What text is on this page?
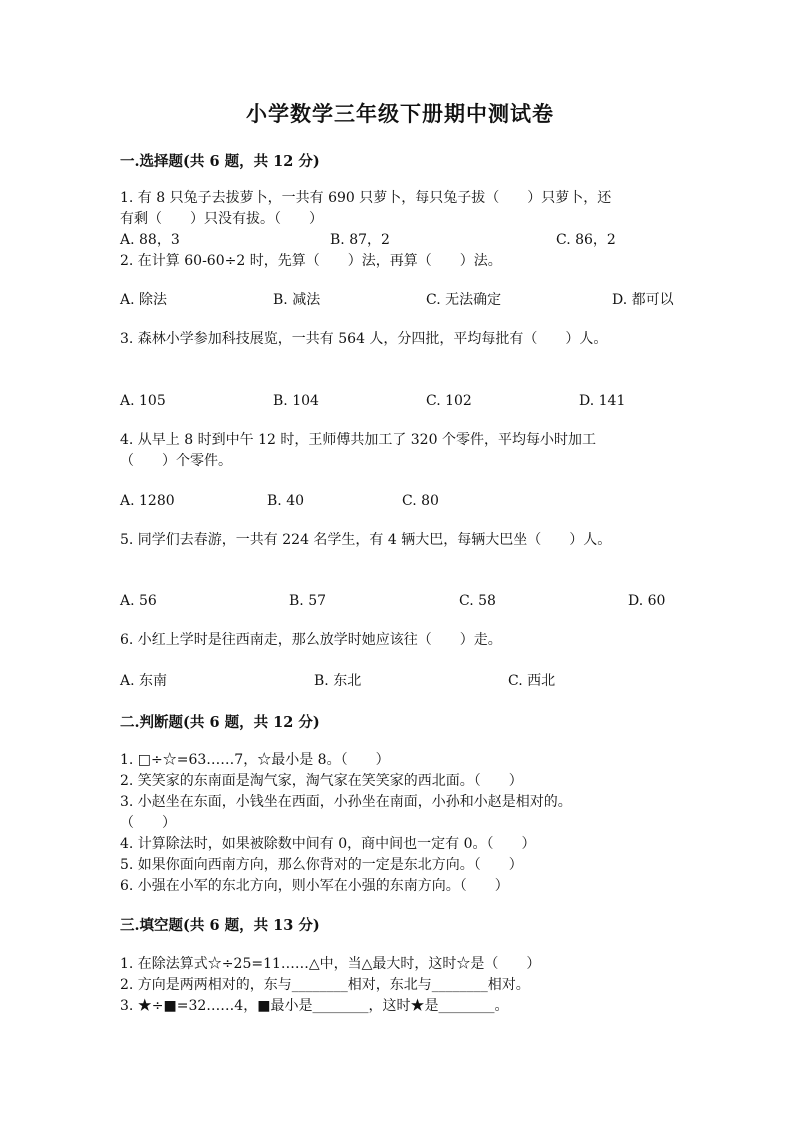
小学数学三年级下册期中测试卷
一.选择题(共 6 题，共 12 分)
1. 有 8 只兔子去拔萝卜，一共有 690 只萝卜，每只兔子拔（　　）只萝卜，还
有剩（　　）只没有拔。（　　）
A. 88，3	B. 87，2	C. 86，2
2. 在计算 60-60÷2 时，先算（　　）法，再算（　　）法。
A. 除法	B. 减法	C. 无法确定	D. 都可以
3. 森林小学参加科技展览，一共有 564 人，分四批，平均每批有（　　）人。
A. 105	B. 104	C. 102	D. 141
4. 从早上 8 时到中午 12 时，王师傅共加工了 320 个零件，平均每小时加工
（　　）个零件。
A. 1280	B. 40	C. 80
5. 同学们去春游，一共有 224 名学生，有 4 辆大巴，每辆大巴坐（　　）人。
A. 56	B. 57	C. 58	D. 60
6. 小红上学时是往西南走，那么放学时她应该往（　　）走。
A. 东南	B. 东北	C. 西北
二.判断题(共 6 题，共 12 分)
1. □÷☆=63……7，☆最小是 8。（　　）
2. 笑笑家的东南面是淘气家，淘气家在笑笑家的西北面。（　　）
3. 小赵坐在东面，小钱坐在西面，小孙坐在南面，小孙和小赵是相对的。
（　　）
4. 计算除法时，如果被除数中间有 0，商中间也一定有 0。（　　）
5. 如果你面向西南方向，那么你背对的一定是东北方向。（　　）
6. 小强在小军的东北方向，则小军在小强的东南方向。（　　）
三.填空题(共 6 题，共 13 分)
1. 在除法算式☆÷25=11……△中，当△最大时，这时☆是（　　）
2. 方向是两两相对的，东与________相对，东北与________相对。
3. ★÷■=32……4，■最小是________，这时★是________。
